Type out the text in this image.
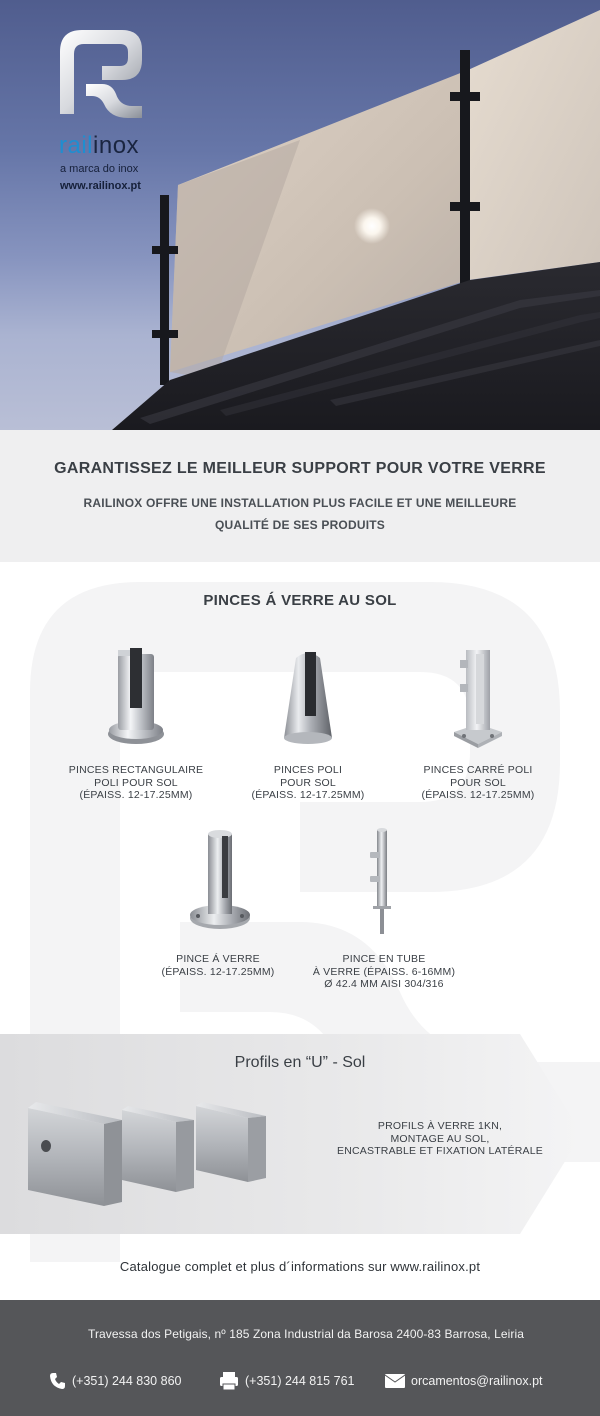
railinox
a marca do inox
www.railinox.pt
GARANTISSEZ LE MEILLEUR SUPPORT POUR VOTRE VERRE
RAILINOX OFFRE UNE INSTALLATION PLUS FACILE ET UNE MEILLEURE QUALITÉ DE SES PRODUITS
PINCES Á VERRE AU SOL
PINCES RECTANGULAIRE
POLI POUR SOL
(ÉPAISS. 12-17.25MM)
PINCES POLI
POUR SOL
(ÉPAISS. 12-17.25MM)
PINCES CARRÉ POLI
POUR SOL
(ÉPAISS. 12-17.25MM)
PINCE Á VERRE
(ÉPAISS. 12-17.25MM)
PINCE EN TUBE
À VERRE (ÉPAISS. 6-16MM)
Ø 42.4 MM AISI 304/316
Profils en “U” - Sol
PROFILS À VERRE 1KN,
MONTAGE AU SOL,
ENCASTRABLE ET FIXATION LATÉRALE
Catalogue complet et plus d´informations sur www.railinox.pt
Travessa dos Petigais, nº 185 Zona Industrial da Barosa 2400-83 Barrosa, Leiria
(+351) 244 830 860	(+351) 244 815 761	orcamentos@railinox.pt
